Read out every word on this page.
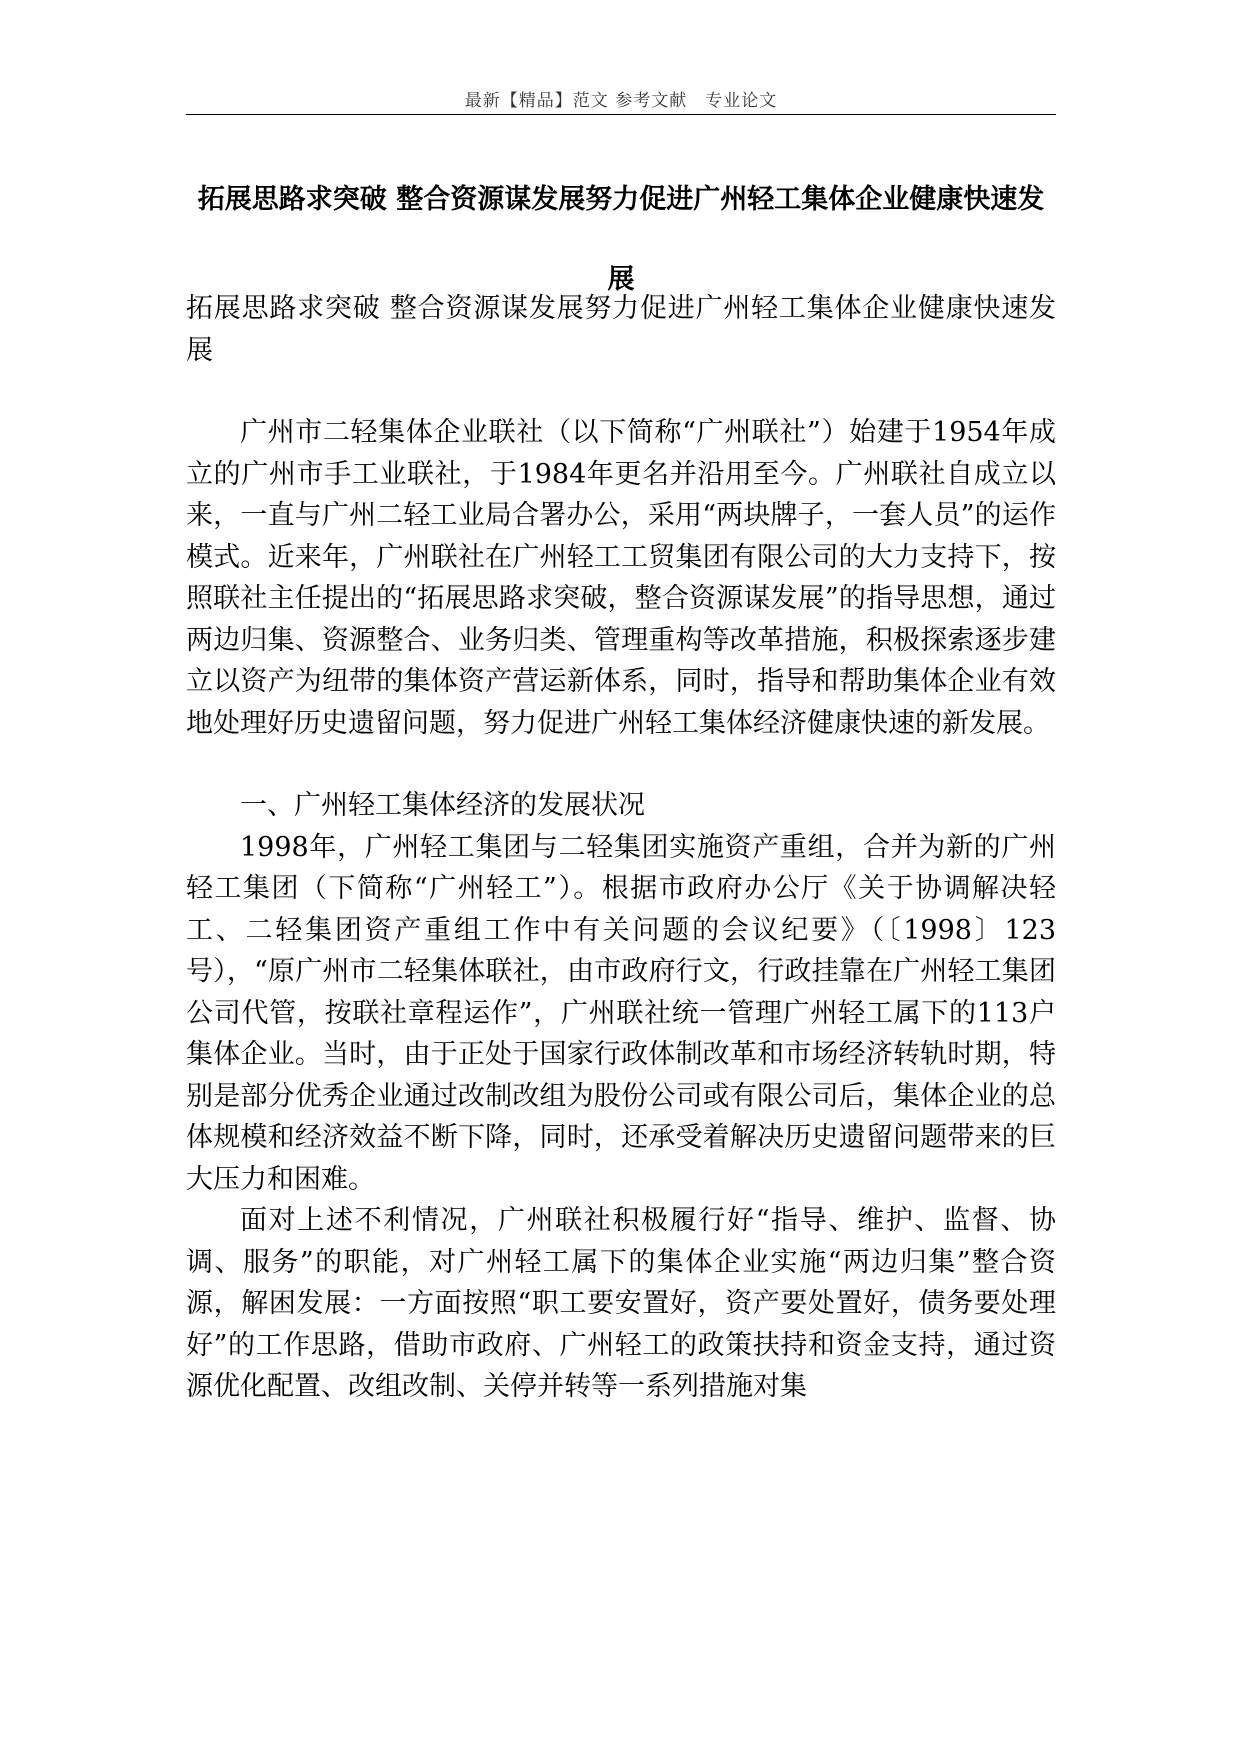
最新【精品】范文 参考文献　专业论文
拓展思路求突破 整合资源谋发展努力促进广州轻工集体企业健康快速发展

拓展思路求突破 整合资源谋发展努力促进广州轻工集体企业健康快速发展

广州市二轻集体企业联社（以下简称“广州联社”）始建于1954年成立的广州市手工业联社，于1984年更名并沿用至今。广州联社自成立以来，一直与广州二轻工业局合署办公，采用“两块牌子，一套人员”的运作模式。近来年，广州联社在广州轻工工贸集团有限公司的大力支持下，按照联社主任提出的“拓展思路求突破，整合资源谋发展”的指导思想，通过两边归集、资源整合、业务归类、管理重构等改革措施，积极探索逐步建立以资产为纽带的集体资产营运新体系，同时，指导和帮助集体企业有效地处理好历史遗留问题，努力促进广州轻工集体经济健康快速的新发展。

一、广州轻工集体经济的发展状况

1998年，广州轻工集团与二轻集团实施资产重组，合并为新的广州轻工集团（下简称“广州轻工”）。根据市政府办公厅《关于协调解决轻工、二轻集团资产重组工作中有关问题的会议纪要》（〔1998〕123号），“原广州市二轻集体联社，由市政府行文，行政挂靠在广州轻工集团公司代管，按联社章程运作”，广州联社统一管理广州轻工属下的113户集体企业。当时，由于正处于国家行政体制改革和市场经济转轨时期，特别是部分优秀企业通过改制改组为股份公司或有限公司后，集体企业的总体规模和经济效益不断下降，同时，还承受着解决历史遗留问题带来的巨大压力和困难。

面对上述不利情况，广州联社积极履行好“指导、维护、监督、协调、服务”的职能，对广州轻工属下的集体企业实施“两边归集”整合资源，解困发展：一方面按照“职工要安置好，资产要处置好，债务要处理好”的工作思路，借助市政府、广州轻工的政策扶持和资金支持，通过资源优化配置、改组改制、关停并转等一系列措施对集
